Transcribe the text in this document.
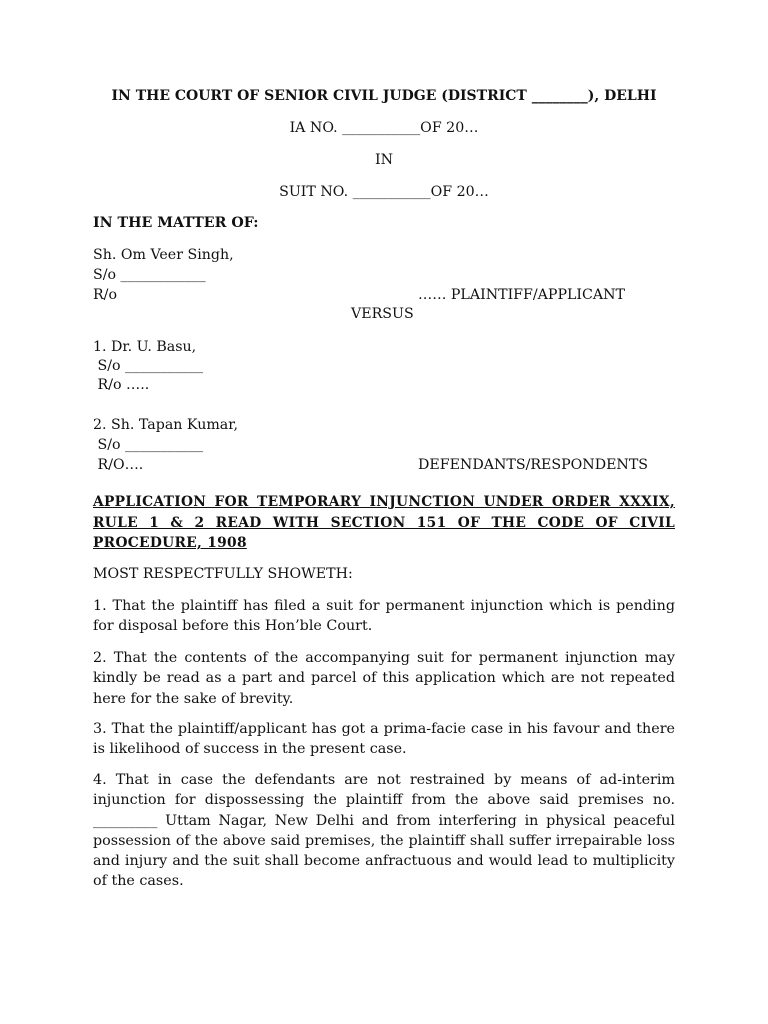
IN THE COURT OF SENIOR CIVIL JUDGE (DISTRICT ________), DELHI
IA NO. ___________OF 20…
IN
SUIT NO. ___________OF 20…
IN THE MATTER OF:
Sh. Om Veer Singh,
S/o ____________
R/o	…… PLAINTIFF/APPLICANT
VERSUS
1. Dr. U. Basu,
S/o ___________
R/o …..
2. Sh. Tapan Kumar,
S/o ___________
R/O….	DEFENDANTS/RESPONDENTS
APPLICATION FOR TEMPORARY INJUNCTION UNDER ORDER XXXIX, RULE 1 & 2 READ WITH SECTION 151 OF THE CODE OF CIVIL PROCEDURE, 1908
MOST RESPECTFULLY SHOWETH:
1. That the plaintiff has filed a suit for permanent injunction which is pending for disposal before this Hon’ble Court.
2. That the contents of the accompanying suit for permanent injunction may kindly be read as a part and parcel of this application which are not repeated here for the sake of brevity.
3. That the plaintiff/applicant has got a prima-facie case in his favour and there is likelihood of success in the present case.
4. That in case the defendants are not restrained by means of ad-interim injunction for dispossessing the plaintiff from the above said premises no. _________ Uttam Nagar, New Delhi and from interfering in physical peaceful possession of the above said premises, the plaintiff shall suffer irrepairable loss and injury and the suit shall become anfractuous and would lead to multiplicity of the cases.
